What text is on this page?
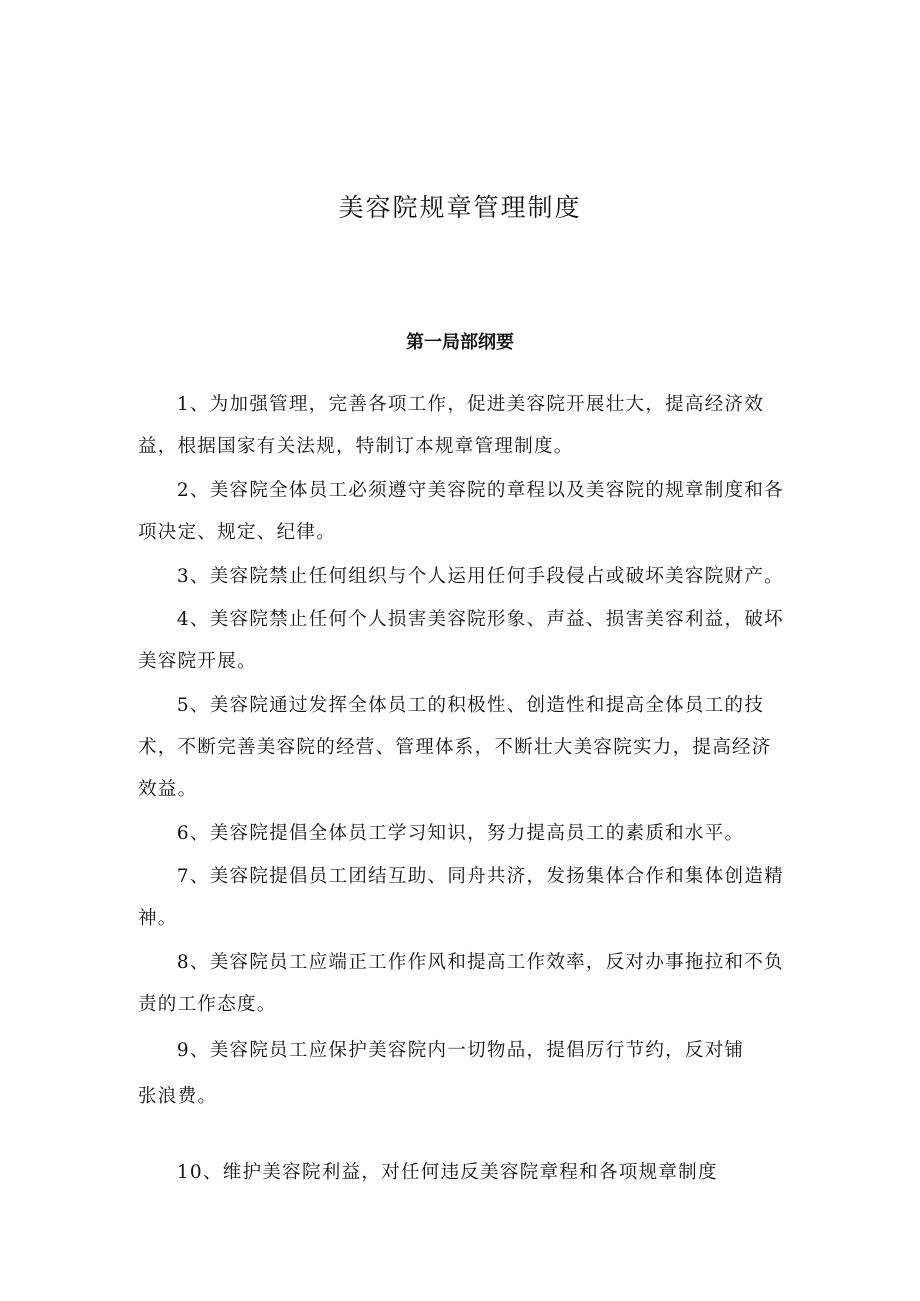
美容院规章管理制度
第一局部纲要

1、为加强管理，完善各项工作，促进美容院开展壮大，提高经济效益，根据国家有关法规，特制订本规章管理制度。

2、美容院全体员工必须遵守美容院的章程以及美容院的规章制度和各项决定、规定、纪律。

3、美容院禁止任何组织与个人运用任何手段侵占或破坏美容院财产。

4、美容院禁止任何个人损害美容院形象、声益、损害美容利益，破坏美容院开展。

5、美容院通过发挥全体员工的积极性、创造性和提高全体员工的技术，不断完善美容院的经营、管理体系，不断壮大美容院实力，提高经济效益。

6、美容院提倡全体员工学习知识，努力提高员工的素质和水平。

7、美容院提倡员工团结互助、同舟共济，发扬集体合作和集体创造精神。

8、美容院员工应端正工作作风和提高工作效率，反对办事拖拉和不负责的工作态度。

9、美容院员工应保护美容院内一切物品，提倡厉行节约，反对铺张浪费。

10、维护美容院利益，对任何违反美容院章程和各项规章制度
